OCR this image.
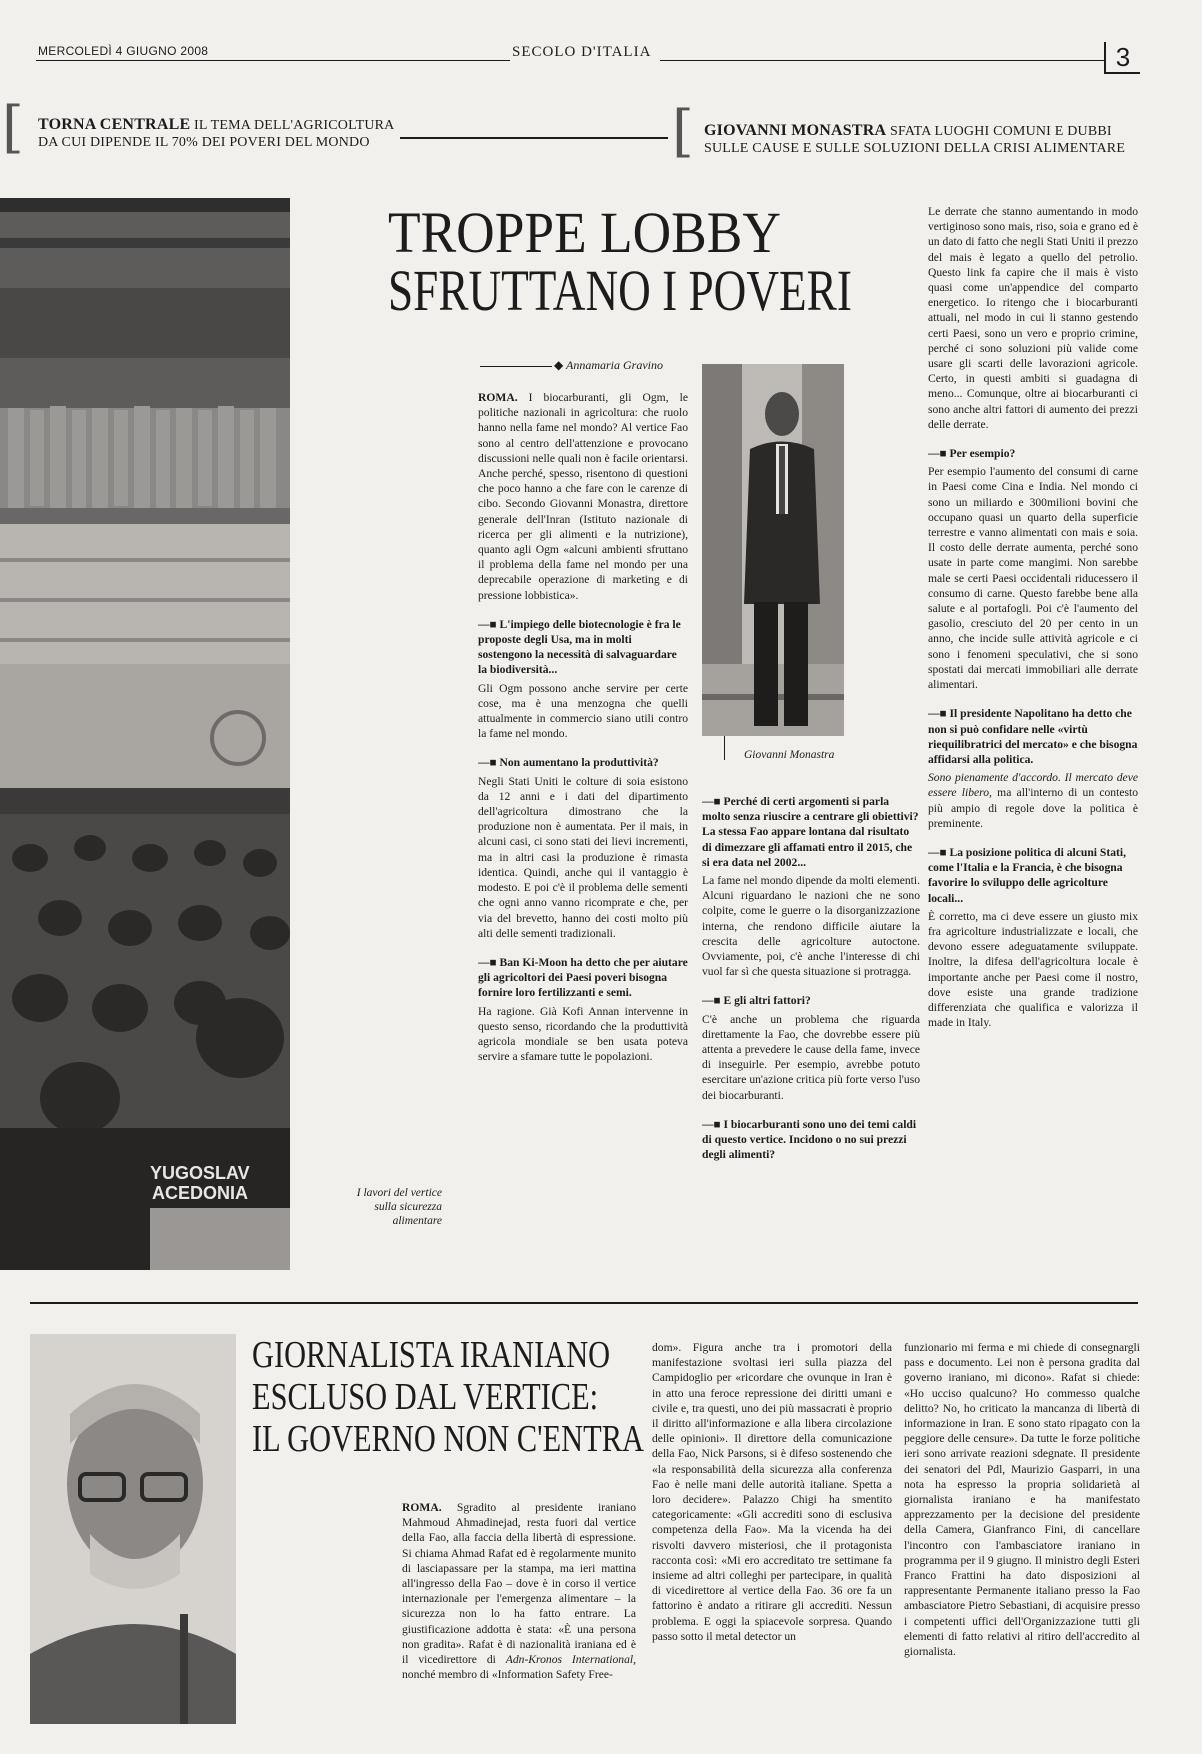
MERCOLEDÌ 4 GIUGNO 2008	SECOLO D'ITALIA	3
[ TORNA CENTRALE IL TEMA DELL'AGRICOLTURA DA CUI DIPENDE IL 70% DEI POVERI DEL MONDO	[ GIOVANNI MONASTRA SFATA LUOGHI COMUNI E DUBBI SULLE CAUSE E SULLE SOLUZIONI DELLA CRISI ALIMENTARE
YUGOSLAV
ACEDONIA	I lavori del vertice sulla sicurezza alimentare
TROPPE LOBBY
SFRUTTANO I POVERI
◆ Annamaria Gravino

ROMA. I biocarburanti, gli Ogm, le politiche nazionali in agricoltura: che ruolo hanno nella fame nel mondo? Al vertice Fao sono al centro dell'attenzione e provocano discussioni nelle quali non è facile orientarsi. Anche perché, spesso, risentono di questioni che poco hanno a che fare con le carenze di cibo. Secondo Giovanni Monastra, direttore generale dell'Inran (Istituto nazionale di ricerca per gli alimenti e la nutrizione), quanto agli Ogm «alcuni ambienti sfruttano il problema della fame nel mondo per una deprecabile operazione di marketing e di pressione lobbistica».

—■ L'impiego delle biotecnologie è fra le proposte degli Usa, ma in molti sostengono la necessità di salvaguardare la biodiversità...

Gli Ogm possono anche servire per certe cose, ma è una menzogna che quelli attualmente in commercio siano utili contro la fame nel mondo.

—■ Non aumentano la produttività?

Negli Stati Uniti le colture di soia esistono da 12 anni e i dati del dipartimento dell'agricoltura dimostrano che la produzione non è aumentata. Per il mais, in alcuni casi, ci sono stati dei lievi incrementi, ma in altri casi la produzione è rimasta identica. Quindi, anche qui il vantaggio è modesto. E poi c'è il problema delle sementi che ogni anno vanno ricomprate e che, per via del brevetto, hanno dei costi molto più alti delle sementi tradizionali.

—■ Ban Ki-Moon ha detto che per aiutare gli agricoltori dei Paesi poveri bisogna fornire loro fertilizzanti e semi.

Ha ragione. Già Kofi Annan intervenne in questo senso, ricordando che la produttività agricola mondiale se ben usata poteva servire a sfamare tutte le popolazioni.

Giovanni Monastra

—■ Perché di certi argomenti si parla molto senza riuscire a centrare gli obiettivi? La stessa Fao appare lontana dal risultato di dimezzare gli affamati entro il 2015, che si era data nel 2002...

La fame nel mondo dipende da molti elementi. Alcuni riguardano le nazioni che ne sono colpite, come le guerre o la disorganizzazione interna, che rendono difficile aiutare la crescita delle agricolture autoctone. Ovviamente, poi, c'è anche l'interesse di chi vuol far sì che questa situazione si protragga.

—■ E gli altri fattori?

C'è anche un problema che riguarda direttamente la Fao, che dovrebbe essere più attenta a prevedere le cause della fame, invece di inseguirle. Per esempio, avrebbe potuto esercitare un'azione critica più forte verso l'uso dei biocarburanti.

—■ I biocarburanti sono uno dei temi caldi di questo vertice. Incidono o no sui prezzi degli alimenti?

Le derrate che stanno aumentando in modo vertiginoso sono mais, riso, soia e grano ed è un dato di fatto che negli Stati Uniti il prezzo del mais è legato a quello del petrolio. Questo link fa capire che il mais è visto quasi come un'appendice del comparto energetico. Io ritengo che i biocarburanti attuali, nel modo in cui li stanno gestendo certi Paesi, sono un vero e proprio crimine, perché ci sono soluzioni più valide come usare gli scarti delle lavorazioni agricole. Certo, in questi ambiti si guadagna di meno... Comunque, oltre ai biocarburanti ci sono anche altri fattori di aumento dei prezzi delle derrate.

—■ Per esempio?

Per esempio l'aumento del consumi di carne in Paesi come Cina e India. Nel mondo ci sono un miliardo e 300milioni bovini che occupano quasi un quarto della superficie terrestre e vanno alimentati con mais e soia. Il costo delle derrate aumenta, perché sono usate in parte come mangimi. Non sarebbe male se certi Paesi occidentali riducessero il consumo di carne. Questo farebbe bene alla salute e al portafogli. Poi c'è l'aumento del gasolio, cresciuto del 20 per cento in un anno, che incide sulle attività agricole e ci sono i fenomeni speculativi, che si sono spostati dai mercati immobiliari alle derrate alimentari.

—■ Il presidente Napolitano ha detto che non si può confidare nelle «virtù riequilibratrici del mercato» e che bisogna affidarsi alla politica.

Sono pienamente d'accordo. Il mercato deve essere libero, ma all'interno di un contesto più ampio di regole dove la politica è preminente.

—■ La posizione politica di alcuni Stati, come l'Italia e la Francia, è che bisogna favorire lo sviluppo delle agricolture locali...

È corretto, ma ci deve essere un giusto mix fra agricolture industrializzate e locali, che devono essere adeguatamente sviluppate. Inoltre, la difesa dell'agricoltura locale è importante anche per Paesi come il nostro, dove esiste una grande tradizione differenziata che qualifica e valorizza il made in Italy.

GIORNALISTA IRANIANO
ESCLUSO DAL VERTICE:
IL GOVERNO NON C'ENTRA

ROMA. Sgradito al presidente iraniano Mahmoud Ahmadinejad, resta fuori dal vertice della Fao, alla faccia della libertà di espressione. Si chiama Ahmad Rafat ed è regolarmente munito di lasciapassare per la stampa, ma ieri mattina all'ingresso della Fao – dove è in corso il vertice internazionale per l'emergenza alimentare – la sicurezza non lo ha fatto entrare. La giustificazione addotta è stata: «È una persona non gradita». Rafat è di nazionalità iraniana ed è il vicedirettore di Adn-Kronos International, nonché membro di «Information Safety Free-

dom». Figura anche tra i promotori della manifestazione svoltasi ieri sulla piazza del Campidoglio per «ricordare che ovunque in Iran è in atto una feroce repressione dei diritti umani e civile e, tra questi, uno dei più massacrati è proprio il diritto all'informazione e alla libera circolazione delle opinioni». Il direttore della comunicazione della Fao, Nick Parsons, si è difeso sostenendo che «la responsabilità della sicurezza alla conferenza Fao è nelle mani delle autorità italiane. Spetta a loro decidere». Palazzo Chigi ha smentito categoricamente: «Gli accrediti sono di esclusiva competenza della Fao». Ma la vicenda ha dei risvolti davvero misteriosi, che il protagonista racconta così: «Mi ero accreditato tre settimane fa insieme ad altri colleghi per partecipare, in qualità di vicedirettore al vertice della Fao. 36 ore fa un fattorino è andato a ritirare gli accrediti. Nessun problema. E oggi la spiacevole sorpresa. Quando passo sotto il metal detector un

funzionario mi ferma e mi chiede di consegnargli pass e documento. Lei non è persona gradita dal governo iraniano, mi dicono». Rafat si chiede: «Ho ucciso qualcuno? Ho commesso qualche delitto? No, ho criticato la mancanza di libertà di informazione in Iran. E sono stato ripagato con la peggiore delle censure». Da tutte le forze politiche ieri sono arrivate reazioni sdegnate. Il presidente dei senatori del Pdl, Maurizio Gasparri, in una nota ha espresso la propria solidarietà al giornalista iraniano e ha manifestato apprezzamento per la decisione del presidente della Camera, Gianfranco Fini, di cancellare l'incontro con l'ambasciatore iraniano in programma per il 9 giugno. Il ministro degli Esteri Franco Frattini ha dato disposizioni al rappresentante Permanente italiano presso la Fao ambasciatore Pietro Sebastiani, di acquisire presso i competenti uffici dell'Organizzazione tutti gli elementi di fatto relativi al ritiro dell'accredito al giornalista.
